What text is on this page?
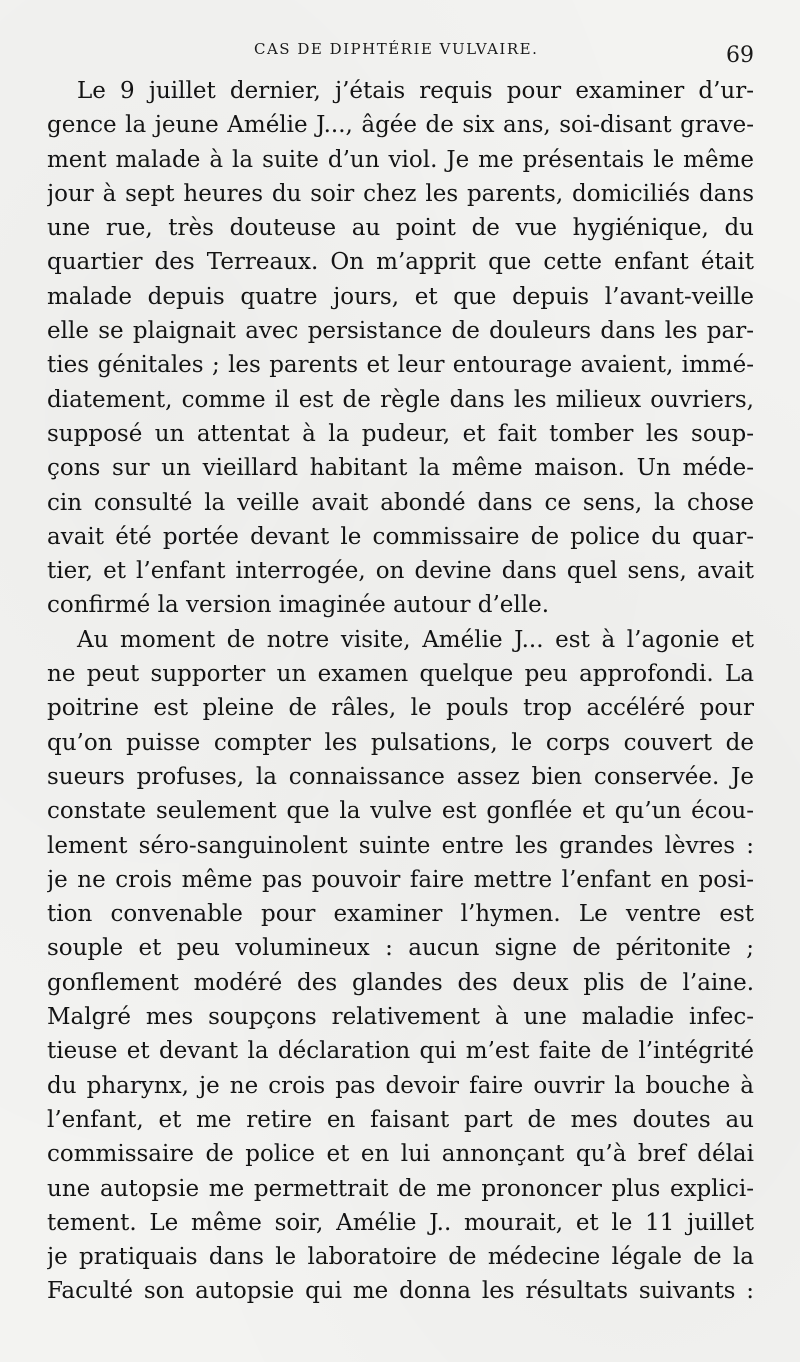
CAS DE DIPHTÉRIE VULVAIRE.	69
Le 9 juillet dernier, j’étais requis pour examiner d’ur-
gence la jeune Amélie J..., âgée de six ans, soi-disant grave-
ment malade à la suite d’un viol. Je me présentais le même
jour à sept heures du soir chez les parents, domiciliés dans
une rue, très douteuse au point de vue hygiénique, du
quartier des Terreaux. On m’apprit que cette enfant était
malade depuis quatre jours, et que depuis l’avant-veille
elle se plaignait avec persistance de douleurs dans les par-
ties génitales ; les parents et leur entourage avaient, immé-
diatement, comme il est de règle dans les milieux ouvriers,
supposé un attentat à la pudeur, et fait tomber les soup-
çons sur un vieillard habitant la même maison. Un méde-
cin consulté la veille avait abondé dans ce sens, la chose
avait été portée devant le commissaire de police du quar-
tier, et l’enfant interrogée, on devine dans quel sens, avait
confirmé la version imaginée autour d’elle.
Au moment de notre visite, Amélie J... est à l’agonie et
ne peut supporter un examen quelque peu approfondi. La
poitrine est pleine de râles, le pouls trop accéléré pour
qu’on puisse compter les pulsations, le corps couvert de
sueurs profuses, la connaissance assez bien conservée. Je
constate seulement que la vulve est gonflée et qu’un écou-
lement séro-sanguinolent suinte entre les grandes lèvres :
je ne crois même pas pouvoir faire mettre l’enfant en posi-
tion convenable pour examiner l’hymen. Le ventre est
souple et peu volumineux : aucun signe de péritonite ;
gonflement modéré des glandes des deux plis de l’aine.
Malgré mes soupçons relativement à une maladie infec-
tieuse et devant la déclaration qui m’est faite de l’intégrité
du pharynx, je ne crois pas devoir faire ouvrir la bouche à
l’enfant, et me retire en faisant part de mes doutes au
commissaire de police et en lui annonçant qu’à bref délai
une autopsie me permettrait de me prononcer plus explici-
tement. Le même soir, Amélie J.. mourait, et le 11 juillet
je pratiquais dans le laboratoire de médecine légale de la
Faculté son autopsie qui me donna les résultats suivants :
